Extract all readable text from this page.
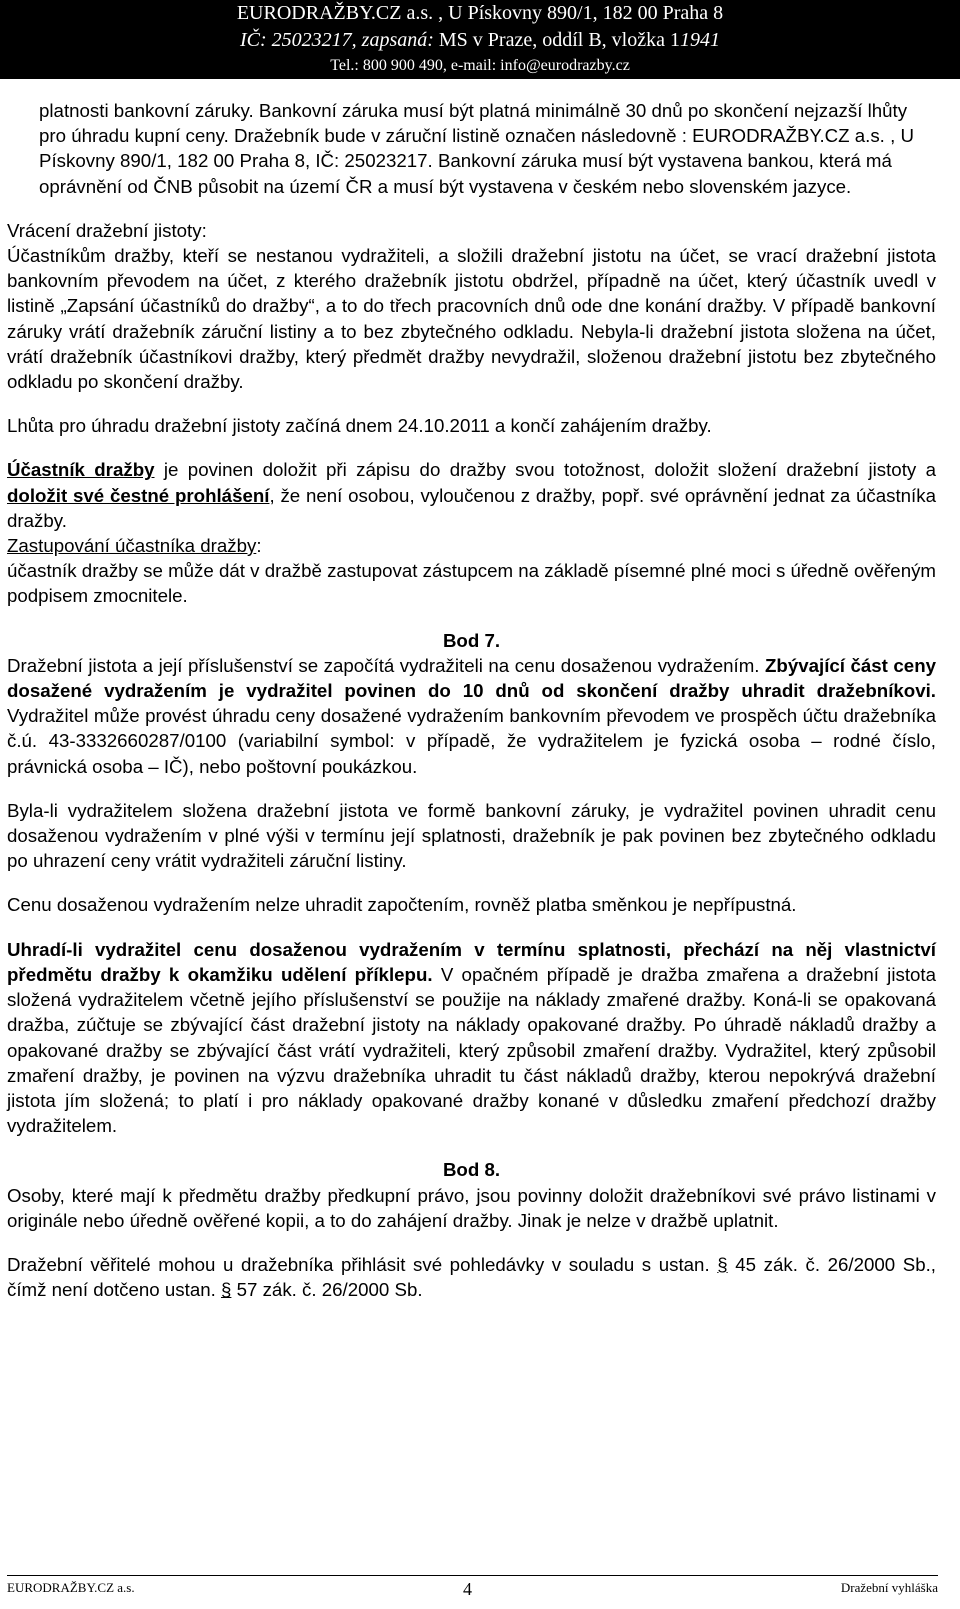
EURODRAŽBY.CZ a.s. , U Pískovny 890/1, 182 00 Praha 8
IČ: 25023217, zapsaná: MS v Praze, oddíl B, vložka 11941
Tel.: 800 900 490, e-mail: info@eurodrazby.cz

platnosti bankovní záruky. Bankovní záruka musí být platná minimálně 30 dnů po skončení nejzazší lhůty pro úhradu kupní ceny. Dražebník bude v záruční listině označen následovně : EURODRAŽBY.CZ a.s. , U Pískovny 890/1, 182 00 Praha 8, IČ: 25023217. Bankovní záruka musí být vystavena bankou, která má oprávnění od ČNB působit na území ČR a musí být vystavena v českém nebo slovenském jazyce.

Vrácení dražební jistoty:

Účastníkům dražby, kteří se nestanou vydražiteli, a složili dražební jistotu na účet, se vrací dražební jistota bankovním převodem na účet, z kterého dražebník jistotu obdržel, případně na účet, který účastník uvedl v listině „Zapsání účastníků do dražby“, a to do třech pracovních dnů ode dne konání dražby. V případě bankovní záruky vrátí dražebník záruční listiny a to bez zbytečného odkladu. Nebyla-li dražební jistota složena na účet, vrátí dražebník účastníkovi dražby, který předmět dražby nevydražil, složenou dražební jistotu bez zbytečného odkladu po skončení dražby.

Lhůta pro úhradu dražební jistoty začíná dnem 24.10.2011 a končí zahájením dražby.

Účastník dražby je povinen doložit při zápisu do dražby svou totožnost, doložit složení dražební jistoty a doložit své čestné prohlášení, že není osobou, vyloučenou z dražby, popř. své oprávnění jednat za účastníka dražby.

Zastupování účastníka dražby:

účastník dražby se může dát v dražbě zastupovat zástupcem na základě písemné plné moci s úředně ověřeným podpisem zmocnitele.

Bod 7.

Dražební jistota a její příslušenství se započítá vydražiteli na cenu dosaženou vydražením. Zbývající část ceny dosažené vydražením je vydražitel povinen do 10 dnů od skončení dražby uhradit dražebníkovi. Vydražitel může provést úhradu ceny dosažené vydražením bankovním převodem ve prospěch účtu dražebníka č.ú. 43-3332660287/0100 (variabilní symbol: v případě, že vydražitelem je fyzická osoba – rodné číslo, právnická osoba – IČ), nebo poštovní poukázkou.

Byla-li vydražitelem složena dražební jistota ve formě bankovní záruky, je vydražitel povinen uhradit cenu dosaženou vydražením v plné výši v termínu její splatnosti, dražebník je pak povinen bez zbytečného odkladu po uhrazení ceny vrátit vydražiteli záruční listiny.

Cenu dosaženou vydražením nelze uhradit započtením, rovněž platba směnkou je nepřípustná.

Uhradí-li vydražitel cenu dosaženou vydražením v termínu splatnosti, přechází na něj vlastnictví předmětu dražby k okamžiku udělení příklepu. V opačném případě je dražba zmařena a dražební jistota složená vydražitelem včetně jejího příslušenství se použije na náklady zmařené dražby. Koná-li se opakovaná dražba, zúčtuje se zbývající část dražební jistoty na náklady opakované dražby. Po úhradě nákladů dražby a opakované dražby se zbývající část vrátí vydražiteli, který způsobil zmaření dražby. Vydražitel, který způsobil zmaření dražby, je povinen na výzvu dražebníka uhradit tu část nákladů dražby, kterou nepokrývá dražební jistota jím složená; to platí i pro náklady opakované dražby konané v důsledku zmaření předchozí dražby vydražitelem.

Bod 8.

Osoby, které mají k předmětu dražby předkupní právo, jsou povinny doložit dražebníkovi své právo listinami v originále nebo úředně ověřené kopii, a to do zahájení dražby. Jinak je nelze v dražbě uplatnit.

Dražební věřitelé mohou u dražebníka přihlásit své pohledávky v souladu s ustan. § 45 zák. č. 26/2000 Sb., čímž není dotčeno ustan. § 57 zák. č. 26/2000 Sb.

EURODRAŽBY.CZ a.s.	4	Dražební vyhláška
